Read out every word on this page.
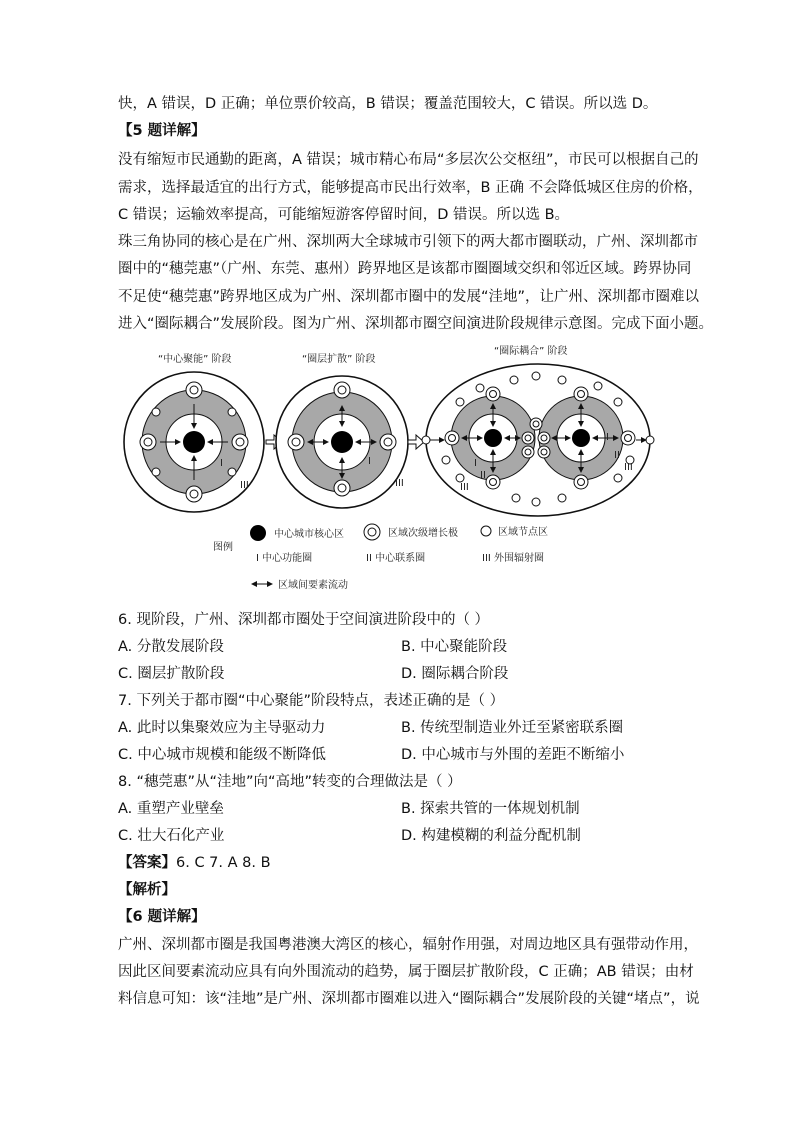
快，A 错误，D 正确；单位票价较高，B 错误；覆盖范围较大，C 错误。所以选 D。
【5 题详解】
没有缩短市民通勤的距离，A 错误；城市精心布局“多层次公交枢纽”，市民可以根据自己的
需求，选择最适宜的出行方式，能够提高市民出行效率，B 正确 不会降低城区住房的价格，
C 错误；运输效率提高，可能缩短游客停留时间，D 错误。所以选 B。
珠三角协同的核心是在广州、深圳两大全球城市引领下的两大都市圈联动，广州、深圳都市
圈中的“穗莞惠”（广州、东莞、惠州）跨界地区是该都市圈圈域交织和邻近区域。跨界协同
不足使“穗莞惠”跨界地区成为广州、深圳都市圈中的发展“洼地”，让广州、深圳都市圈难以
进入“圈际耦合”发展阶段。图为广州、深圳都市圈空间演进阶段规律示意图。完成下面小题。
“中心聚能” 阶段	“圈层扩散” 阶段
“圈际耦合” 阶段
I
III
I
III
I
II
III
I
II
III
图例
中心城市核心区	区域次级增长极	区域节点区
I 中心功能圈	II 中心联系圈	III 外围辐射圈
区域间要素流动
6. 现阶段，广州、深圳都市圈处于空间演进阶段中的（ ）
A. 分散发展阶段	B. 中心聚能阶段
C. 圈层扩散阶段	D. 圈际耦合阶段
7. 下列关于都市圈“中心聚能”阶段特点，表述正确的是（ ）
A. 此时以集聚效应为主导驱动力	B. 传统型制造业外迁至紧密联系圈
C. 中心城市规模和能级不断降低	D. 中心城市与外围的差距不断缩小
8. “穗莞惠”从“洼地”向“高地”转变的合理做法是（ ）
A. 重塑产业壁垒	B. 探索共管的一体规划机制
C. 壮大石化产业	D. 构建模糊的利益分配机制
【答案】6. C 7. A 8. B
【解析】
【6 题详解】
广州、深圳都市圈是我国粤港澳大湾区的核心，辐射作用强，对周边地区具有强带动作用，
因此区间要素流动应具有向外围流动的趋势，属于圈层扩散阶段，C 正确；AB 错误；由材
料信息可知：该“洼地”是广州、深圳都市圈难以进入“圈际耦合”发展阶段的关键“堵点”，说
